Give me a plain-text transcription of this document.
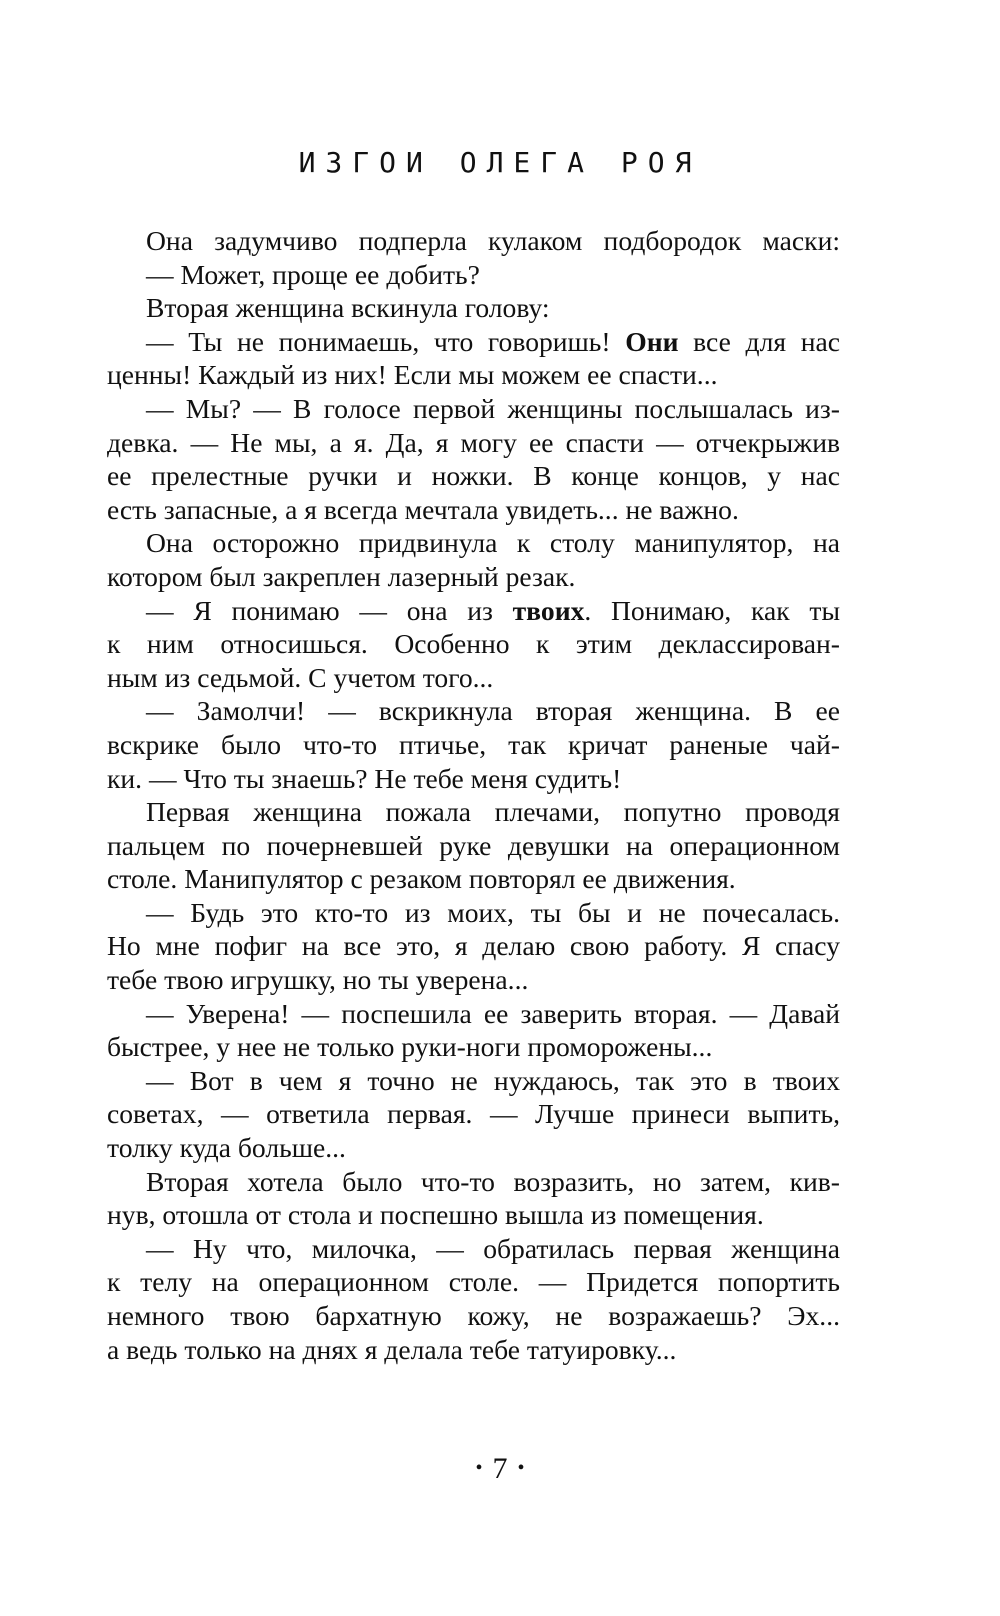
ИЗГОИ ОЛЕГА РОЯ
Она задумчиво подперла кулаком подбородок маски:
— Может, проще ее добить?
Вторая женщина вскинула голову:
— Ты не понимаешь, что говоришь! Они все для нас
ценны! Каждый из них! Если мы можем ее спасти...
— Мы? — В голосе первой женщины послышалась из-
девка. — Не мы, а я. Да, я могу ее спасти — отчекрыжив
ее прелестные ручки и ножки. В конце концов, у нас
есть запасные, а я всегда мечтала увидеть... не важно.
Она осторожно придвинула к столу манипулятор, на
котором был закреплен лазерный резак.
— Я понимаю — она из твоих. Понимаю, как ты
к ним относишься. Особенно к этим деклассирован-
ным из седьмой. С учетом того...
— Замолчи! — вскрикнула вторая женщина. В ее
вскрике было что-то птичье, так кричат раненые чай-
ки. — Что ты знаешь? Не тебе меня судить!
Первая женщина пожала плечами, попутно проводя
пальцем по почерневшей руке девушки на операционном
столе. Манипулятор с резаком повторял ее движения.
— Будь это кто-то из моих, ты бы и не почесалась.
Но мне пофиг на все это, я делаю свою работу. Я спасу
тебе твою игрушку, но ты уверена...
— Уверена! — поспешила ее заверить вторая. — Давай
быстрее, у нее не только руки-ноги проморожены...
— Вот в чем я точно не нуждаюсь, так это в твоих
советах, — ответила первая. — Лучше принеси выпить,
толку куда больше...
Вторая хотела было что-то возразить, но затем, кив-
нув, отошла от стола и поспешно вышла из помещения.
— Ну что, милочка, — обратилась первая женщина
к телу на операционном столе. — Придется попортить
немного твою бархатную кожу, не возражаешь? Эх...
а ведь только на днях я делала тебе татуировку...
• 7 •
